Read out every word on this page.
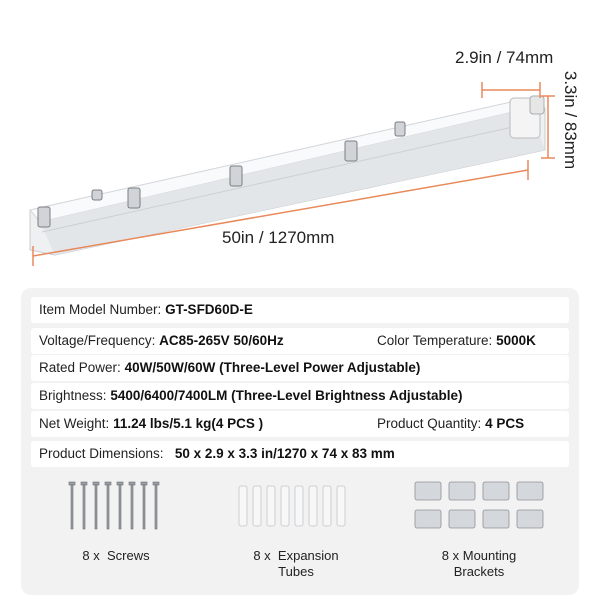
2.9in / 74mm
3.3in / 83mm
50in / 1270mm
Item Model Number: GT-SFD60D-E
Voltage/Frequency: AC85-265V 50/60Hz	Color Temperature: 5000K
Rated Power: 40W/50W/60W (Three-Level Power Adjustable)
Brightness: 5400/6400/7400LM (Three-Level Brightness Adjustable)
Net Weight: 11.24 lbs/5.1 kg(4 PCS )	Product Quantity: 4 PCS
Product Dimensions: 50 x 2.9 x 3.3 in/1270 x 74 x 83 mm
8 x Screws	8 x Expansion
Tubes
8 x Mounting
Brackets
